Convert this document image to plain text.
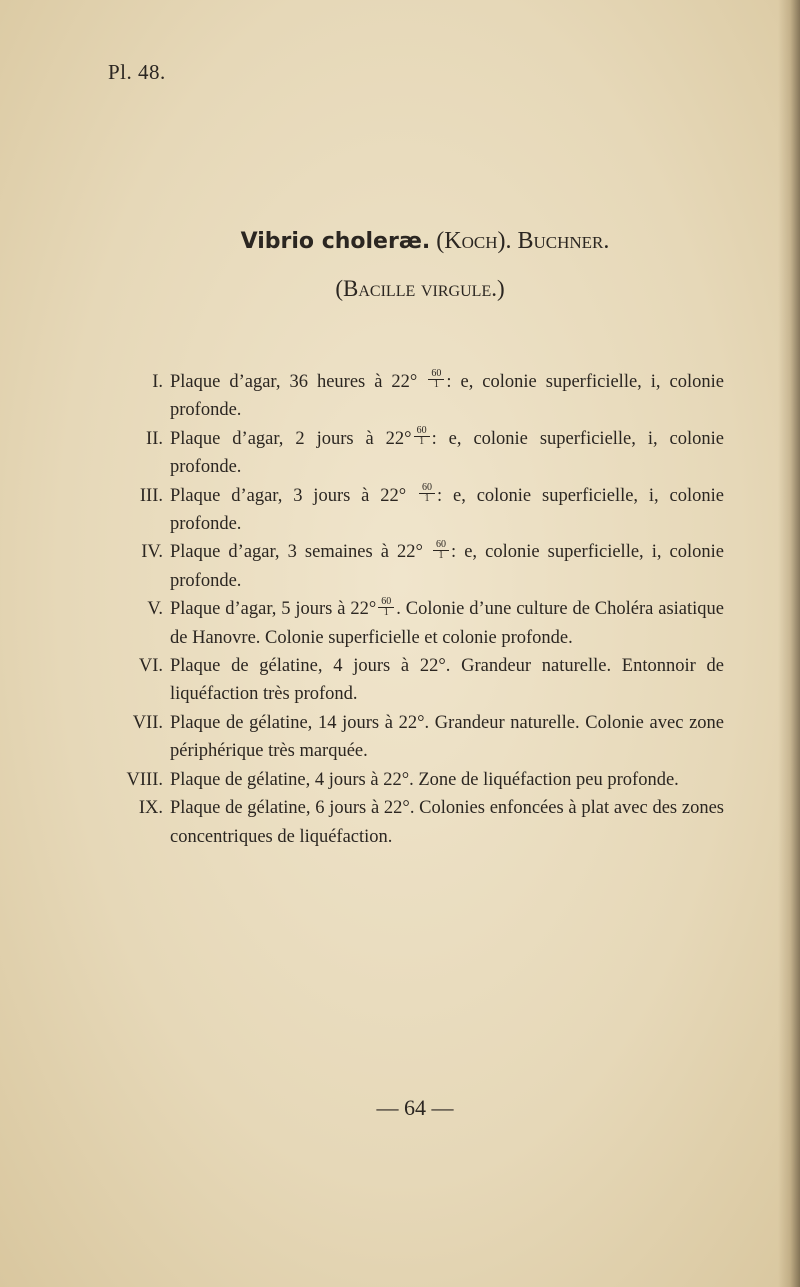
Pl. 48.
Vibrio choleræ. (Koch). Buchner.
(Bacille virgule.)
I. Plaque d’agar, 36 heures à $22^\circ \frac{60}{1}$ : e, colonie superficielle, i, colonie profonde.
II. Plaque d’agar, 2 jours à $22^\circ \frac{60}{1}$ : e, colonie superficielle, i, colonie profonde.
III. Plaque d’agar, 3 jours à $22^\circ \frac{60}{1}$ : e, colonie superficielle, i, colonie profonde.
IV. Plaque d’agar, 3 semaines à $22^\circ \frac{60}{1}$ : e, colonie superficielle, i, colonie profonde.
V. Plaque d’agar, 5 jours à $22^\circ \frac{60}{1}$ . Colonie d’une culture de Choléra asiatique de Hanovre. Colonie superficielle et colonie profonde.
VI. Plaque de gélatine, 4 jours à 22°. Grandeur naturelle. Entonnoir de liquéfaction très profond.
VII. Plaque de gélatine, 14 jours à 22°. Grandeur naturelle. Colonie avec zone périphérique très marquée.
VIII. Plaque de gélatine, 4 jours à 22°. Zone de liquéfaction peu profonde.
IX. Plaque de gélatine, 6 jours à 22°. Colonies enfoncées à plat avec des zones concentriques de liquéfaction.
— 64 —
